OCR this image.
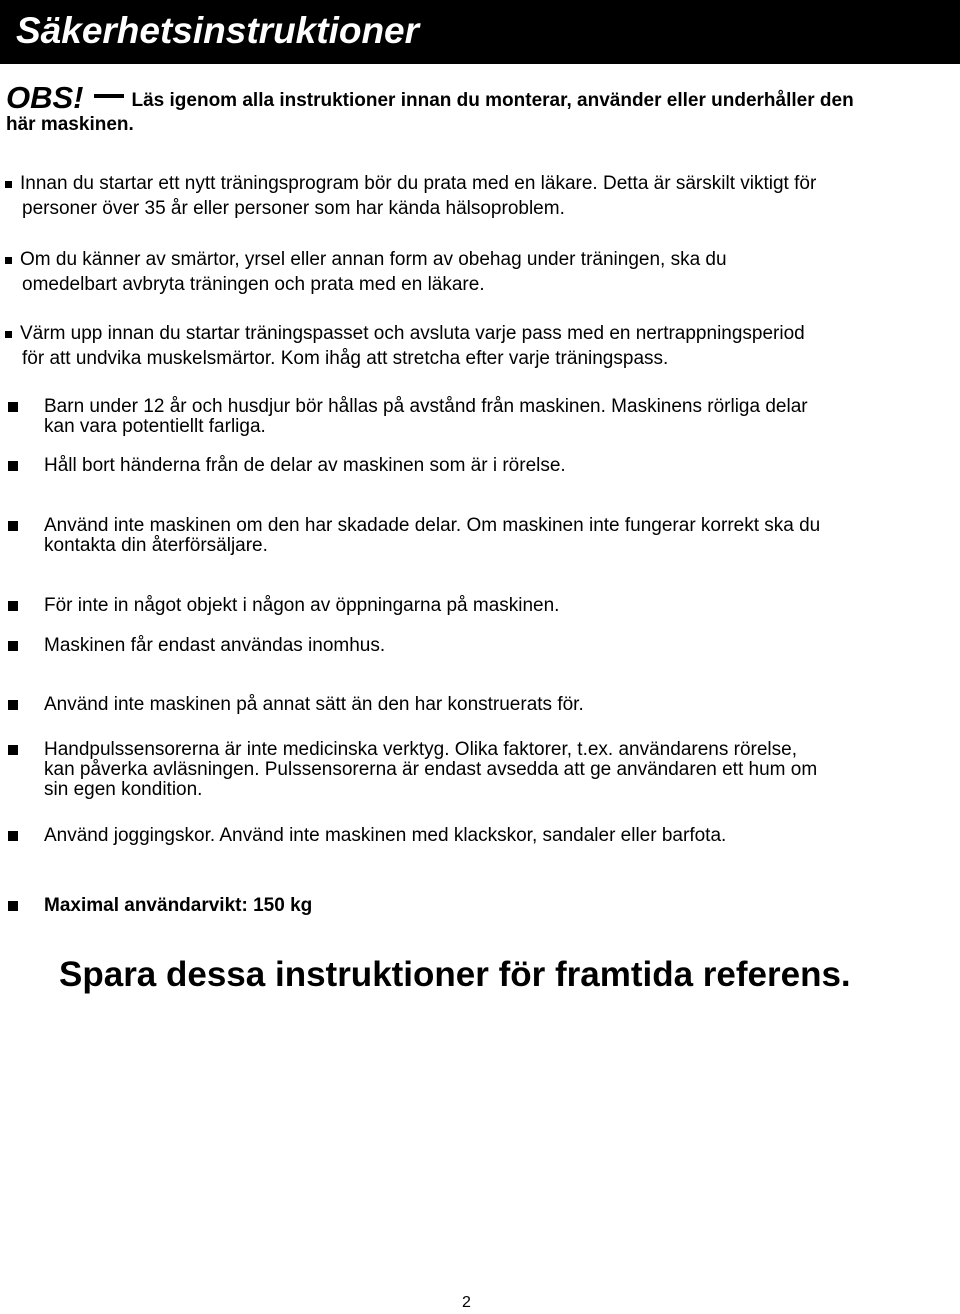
Säkerhetsinstruktioner
OBS!	Läs igenom alla instruktioner innan du monterar, använder eller underhåller den
här maskinen.
Innan du startar ett nytt träningsprogram bör du prata med en läkare. Detta är särskilt viktigt för
personer över 35 år eller personer som har kända hälsoproblem.
Om du känner av smärtor, yrsel eller annan form av obehag under träningen, ska du
omedelbart avbryta träningen och prata med en läkare.
Värm upp innan du startar träningspasset och avsluta varje pass med en nertrappningsperiod
för att undvika muskelsmärtor. Kom ihåg att stretcha efter varje träningspass.
Barn under 12 år och husdjur bör hållas på avstånd från maskinen. Maskinens rörliga delar
kan vara potentiellt farliga.
Håll bort händerna från de delar av maskinen som är i rörelse.
Använd inte maskinen om den har skadade delar. Om maskinen inte fungerar korrekt ska du
kontakta din återförsäljare.
För inte in något objekt i någon av öppningarna på maskinen.
Maskinen får endast användas inomhus.
Använd inte maskinen på annat sätt än den har konstruerats för.
Handpulssensorerna är inte medicinska verktyg. Olika faktorer, t.ex. användarens rörelse,
kan påverka avläsningen. Pulssensorerna är endast avsedda att ge användaren ett hum om
sin egen kondition.
Använd joggingskor. Använd inte maskinen med klackskor, sandaler eller barfota.
Maximal användarvikt: 150 kg
Spara dessa instruktioner för framtida referens.
2
